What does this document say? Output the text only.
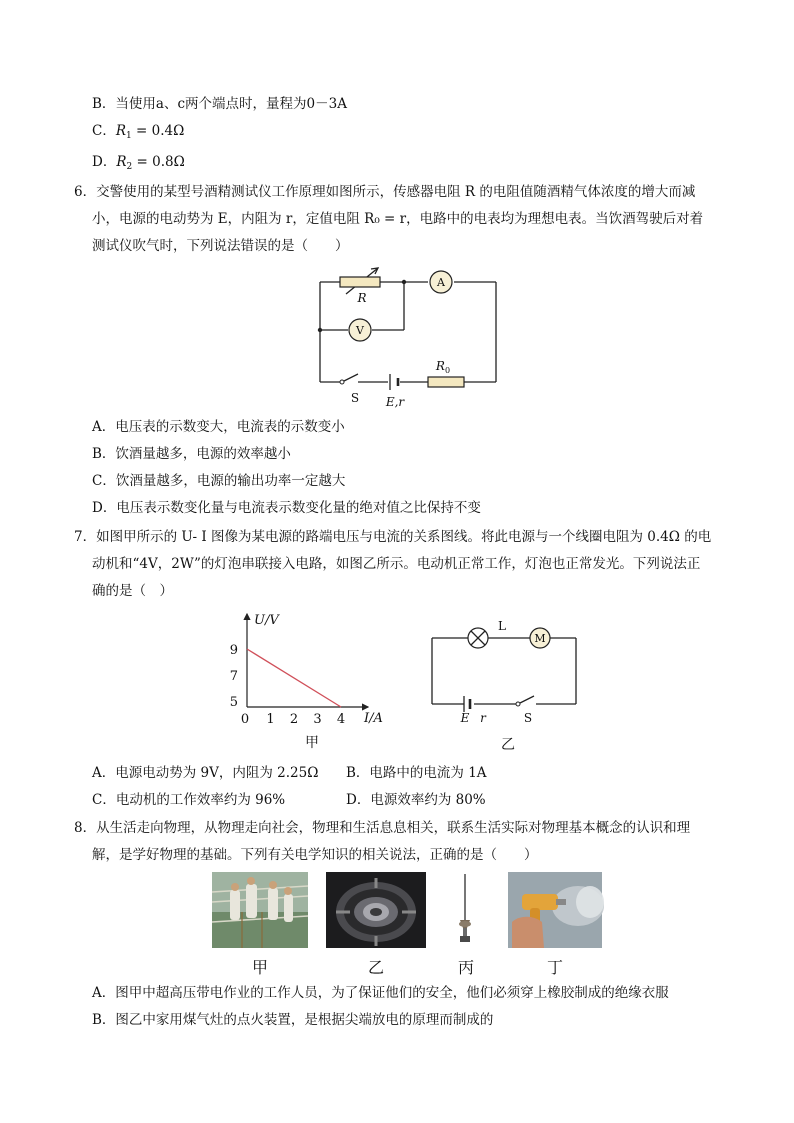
B．当使用a、c两个端点时，量程为0－3A
C．$R_1 = 0.4\Omega$
D．$R_2 = 0.8\Omega$
6．交警使用的某型号酒精测试仪工作原理如图所示，传感器电阻 R 的电阻值随酒精气体浓度的增大而减
小，电源的电动势为 E，内阻为 r，定值电阻 R₀ = r，电路中的电表均为理想电表。当饮酒驾驶后对着
测试仪吹气时，下列说法错误的是（　　）
R
A
V
$R_0$
S E,r
A．电压表的示数变大，电流表的示数变小
B．饮酒量越多，电源的效率越小
C．饮酒量越多，电源的输出功率一定越大
D．电压表示数变化量与电流表示数变化量的绝对值之比保持不变
7．如图甲所示的 U- I 图像为某电源的路端电压与电流的关系图线。将此电源与一个线圈电阻为 0.4Ω 的电
动机和“4V，2W”的灯泡串联接入电路，如图乙所示。电动机正常工作，灯泡也正常发光。下列说法正
确的是（　）
U/V
I/A
0 1 2 3 4
5
7
9
甲
L
M
E r	S
乙
A．电源电动势为 9V，内阻为 2.25Ω B．电路中的电流为 1A
C．电动机的工作效率约为 96%	D．电源效率约为 80%
8．从生活走向物理，从物理走向社会，物理和生活息息相关，联系生活实际对物理基本概念的认识和理
解，是学好物理的基础。下列有关电学知识的相关说法，正确的是（　　）
甲	乙	丙	丁
A．图甲中超高压带电作业的工作人员，为了保证他们的安全，他们必须穿上橡胶制成的绝缘衣服
B．图乙中家用煤气灶的点火装置，是根据尖端放电的原理而制成的
